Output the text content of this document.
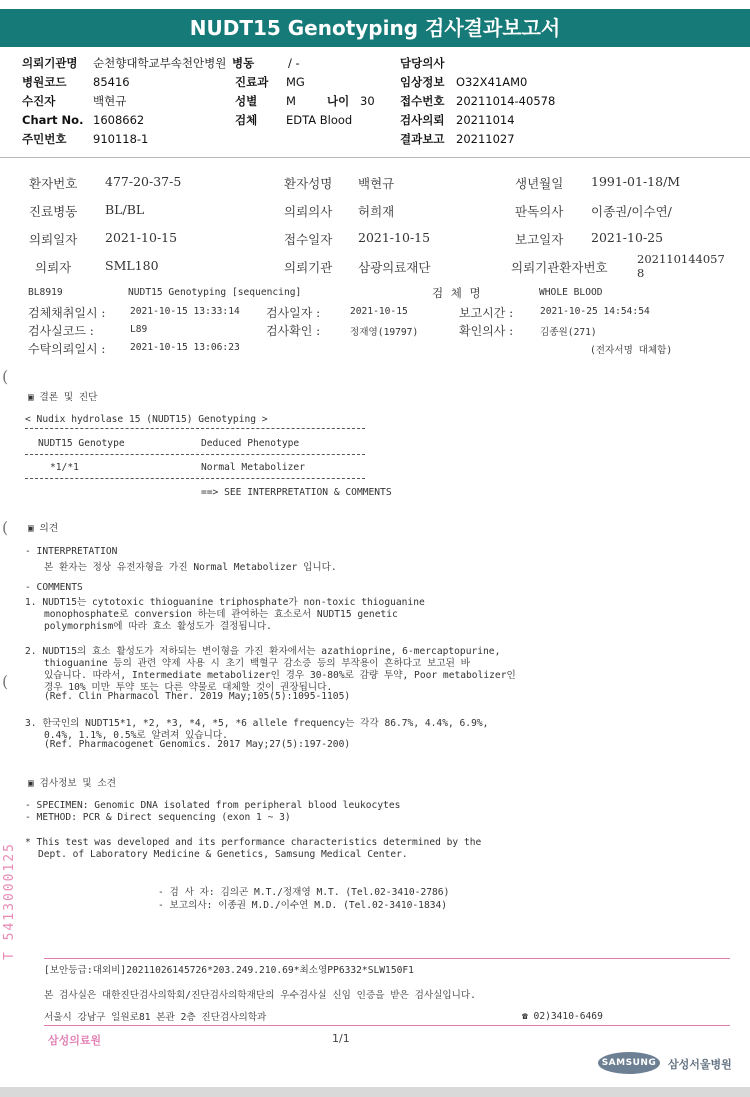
NUDT15 Genotyping 검사결과보고서
의뢰기관명 순천향대학교부속천안병원 병동	/ -	담당의사
병원코드 85416	진료과 MG	임상정보 O32X41AM0
수진자	백현규	성별	M	나이 30 접수번호 20211014-40578
Chart No. 1608662	검체	EDTA Blood	검사의뢰 20211014
주민번호 910118-1	결과보고 20211027
환자번호 477-20-37-5	환자성명 백현규	생년월일 1991-01-18/M
진료병동 BL/BL	의뢰의사 허희재	판독의사 이종권/이수연/
의뢰일자 2021-10-15	접수일자 2021-10-15	보고일자 2021-10-25
의뢰자	SML180	의뢰기관 삼광의료재단	의뢰기관환자번호
202110144057
8
BL8919	NUDT15 Genotyping [sequencing]	검 체 명	WHOLE BLOOD
검체채취일시 :	2021-10-15 13:33:14 검사일자 :	2021-10-15	보고시간 :	2021-10-25 14:54:54
검사실코드 :	L89	검사확인 :	정재영(19797)	확인의사 :	김종원(271)
수탁의뢰일시 :	2021-10-15 13:06:23	(전자서명 대체함)
(
(
(
▣ 결론 및 진단
< Nudix hydrolase 15 (NUDT15) Genotyping >
NUDT15 Genotype	Deduced Phenotype
*1/*1	Normal Metabolizer
==> SEE INTERPRETATION & COMMENTS
▣ 의견
- INTERPRETATION
본 환자는 정상 유전자형을 가진 Normal Metabolizer 입니다.
- COMMENTS
1. NUDT15는 cytotoxic thioguanine triphosphate가 non-toxic thioguanine
monophosphate로 conversion 하는데 관여하는 효소로서 NUDT15 genetic
polymorphism에 따라 효소 활성도가 결정됩니다.
2. NUDT15의 효소 활성도가 저하되는 변이형을 가진 환자에서는 azathioprine, 6-mercaptopurine,
thioguanine 등의 관련 약제 사용 시 초기 백혈구 감소증 등의 부작용이 흔하다고 보고된 바
있습니다. 따라서, Intermediate metabolizer인 경우 30-80%로 감량 투약, Poor metabolizer인
경우 10% 미만 투약 또는 다른 약물로 대체할 것이 권장됩니다.
(Ref. Clin Pharmacol Ther. 2019 May;105(5):1095-1105)
3. 한국인의 NUDT15*1, *2, *3, *4, *5, *6 allele frequency는 각각 86.7%, 4.4%, 6.9%,
0.4%, 1.1%, 0.5%로 알려져 있습니다.
(Ref. Pharmacogenet Genomics. 2017 May;27(5):197-200)
▣ 검사정보 및 소견
- SPECIMEN: Genomic DNA isolated from peripheral blood leukocytes
- METHOD: PCR & Direct sequencing (exon 1 ~ 3)
* This test was developed and its performance characteristics determined by the
Dept. of Laboratory Medicine & Genetics, Samsung Medical Center.
- 검 사 자: 김의곤 M.T./정재영 M.T. (Tel.02-3410-2786)
- 보고의사: 이종권 M.D./이수연 M.D. (Tel.02-3410-1834)
T 5413000125
[보안등급:대외비]20211026145726*203.249.210.69*최소영PP6332*SLW150F1
본 검사실은 대한진단검사의학회/진단검사의학재단의 우수검사실 신임 인증을 받은 검사실입니다.
서울시 강남구 일원로81 본관 2층 진단검사의학과	☎ 02)3410-6469
삼성의료원	1/1
SAMSUNG	삼성서울병원
